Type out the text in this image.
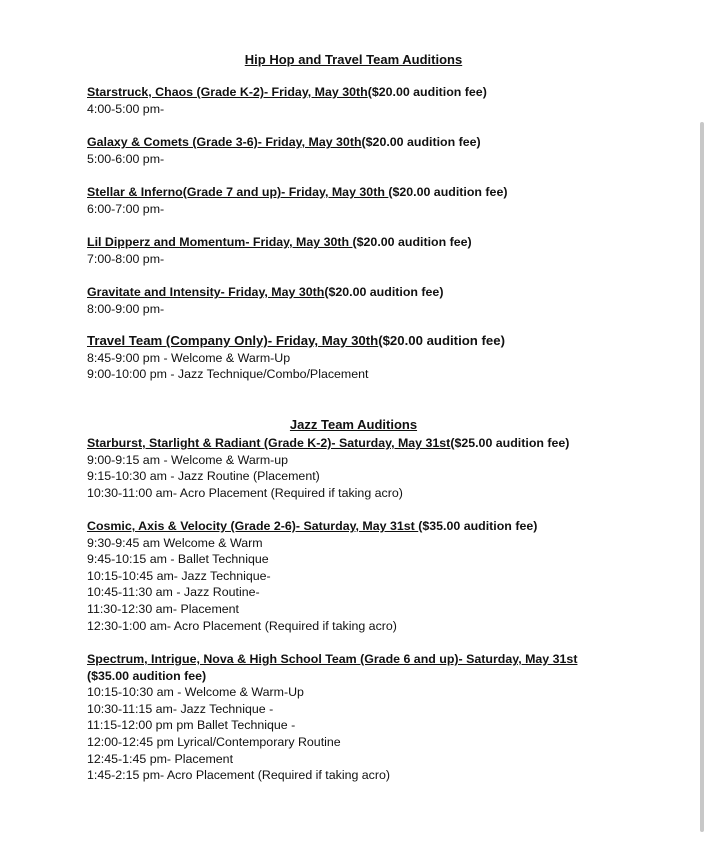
Hip Hop and Travel Team Auditions
Starstruck, Chaos (Grade K-2)- Friday, May 30th($20.00 audition fee)
4:00-5:00 pm-
Galaxy & Comets (Grade 3-6)- Friday, May 30th($20.00 audition fee)
5:00-6:00 pm-
Stellar & Inferno(Grade 7 and up)- Friday, May 30th ($20.00 audition fee)
6:00-7:00 pm-
Lil Dipperz and Momentum- Friday, May 30th ($20.00 audition fee)
7:00-8:00 pm-
Gravitate and Intensity- Friday, May 30th($20.00 audition fee)
8:00-9:00 pm-
Travel Team (Company Only)- Friday, May 30th($20.00 audition fee)
8:45-9:00 pm - Welcome & Warm-Up
9:00-10:00 pm - Jazz Technique/Combo/Placement
Jazz Team Auditions
Starburst, Starlight & Radiant (Grade K-2)- Saturday, May 31st($25.00 audition fee)
9:00-9:15 am - Welcome & Warm-up
9:15-10:30 am - Jazz Routine (Placement)
10:30-11:00 am- Acro Placement (Required if taking acro)
Cosmic, Axis & Velocity (Grade 2-6)- Saturday, May 31st ($35.00 audition fee)
9:30-9:45 am Welcome & Warm
9:45-10:15 am - Ballet Technique
10:15-10:45 am- Jazz Technique-
10:45-11:30 am - Jazz Routine-
11:30-12:30 am- Placement
12:30-1:00 am- Acro Placement (Required if taking acro)
Spectrum, Intrigue, Nova & High School Team (Grade 6 and up)- Saturday, May 31st
($35.00 audition fee)
10:15-10:30 am - Welcome & Warm-Up
10:30-11:15 am- Jazz Technique -
11:15-12:00 pm pm Ballet Technique -
12:00-12:45 pm Lyrical/Contemporary Routine
12:45-1:45 pm- Placement
1:45-2:15 pm- Acro Placement (Required if taking acro)
